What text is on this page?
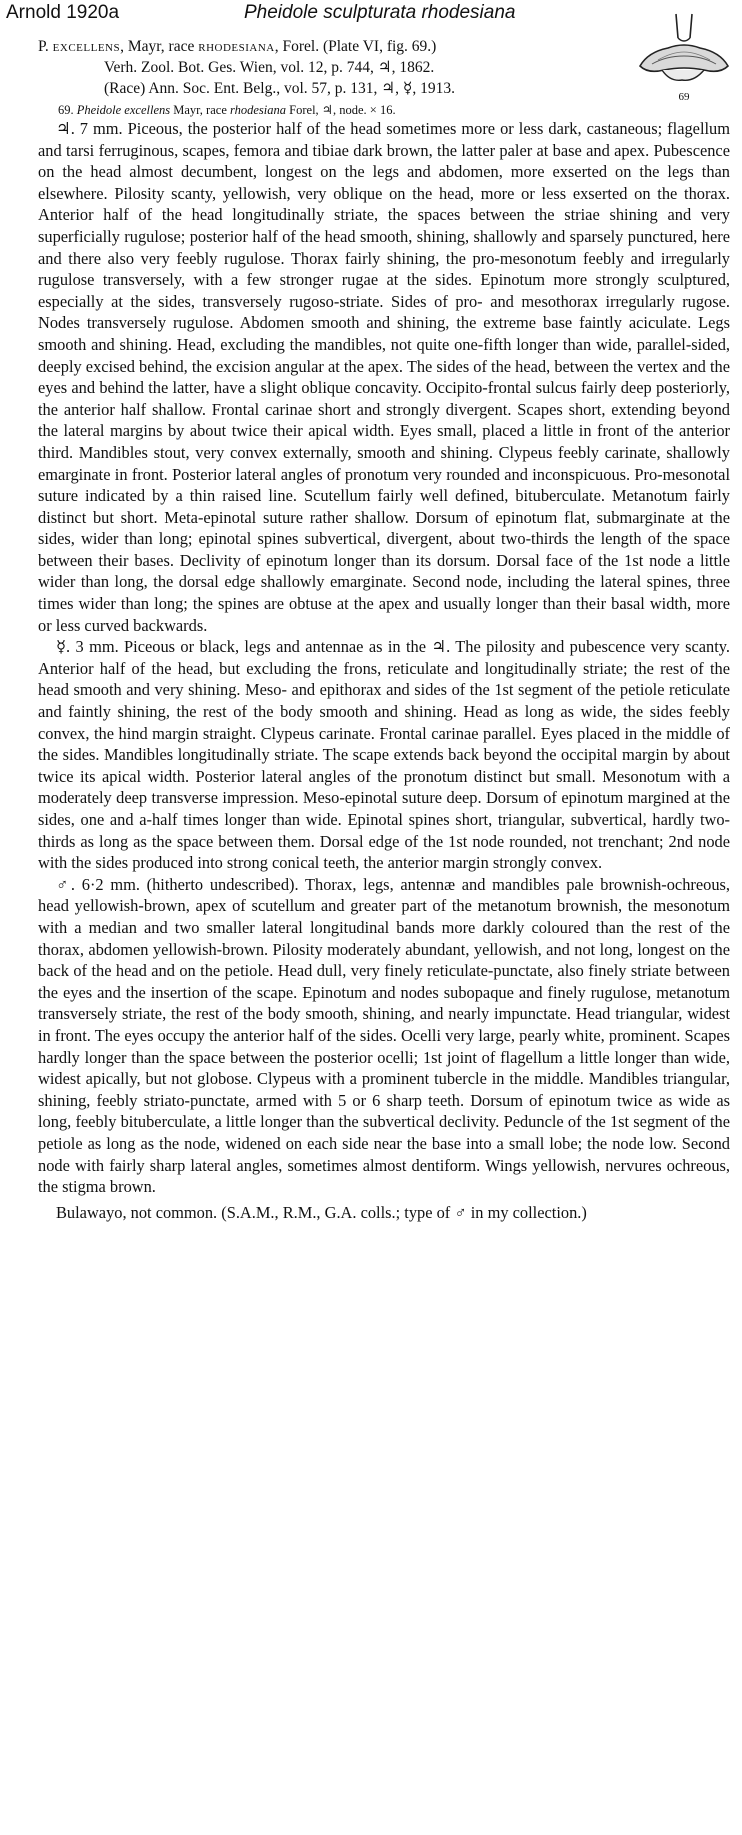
Arnold 1920a	Pheidole sculpturata rhodesiana
69
P. excellens, Mayr, race rhodesiana, Forel. (Plate VI, fig. 69.)
Verh. Zool. Bot. Ges. Wien, vol. 12, p. 744, ♃, 1862.
(Race) Ann. Soc. Ent. Belg., vol. 57, p. 131, ♃, ☿, 1913.
69. Pheidole excellens Mayr, race rhodesiana Forel, ♃, node. × 16.

♃. 7 mm. Piceous, the posterior half of the head sometimes more or less dark, castaneous; flagellum and tarsi ferruginous, scapes, femora and tibiae dark brown, the latter paler at base and apex. Pubescence on the head almost decumbent, longest on the legs and abdomen, more exserted on the legs than elsewhere. Pilosity scanty, yellowish, very oblique on the head, more or less exserted on the thorax. Anterior half of the head longitudinally striate, the spaces between the striae shining and very superficially rugulose; posterior half of the head smooth, shining, shallowly and sparsely punctured, here and there also very feebly rugulose. Thorax fairly shining, the pro-mesonotum feebly and irregularly rugulose transversely, with a few stronger rugae at the sides. Epinotum more strongly sculptured, especially at the sides, transversely rugoso-striate. Sides of pro- and mesothorax irregularly rugose. Nodes transversely rugulose. Abdomen smooth and shining, the extreme base faintly aciculate. Legs smooth and shining. Head, excluding the mandibles, not quite one-fifth longer than wide, parallel-sided, deeply excised behind, the excision angular at the apex. The sides of the head, between the vertex and the eyes and behind the latter, have a slight oblique concavity. Occipito-frontal sulcus fairly deep posteriorly, the anterior half shallow. Frontal carinae short and strongly divergent. Scapes short, extending beyond the lateral margins by about twice their apical width. Eyes small, placed a little in front of the anterior third. Mandibles stout, very convex externally, smooth and shining. Clypeus feebly carinate, shallowly emarginate in front. Posterior lateral angles of pronotum very rounded and inconspicuous. Pro-mesonotal suture indicated by a thin raised line. Scutellum fairly well defined, bituberculate. Metanotum fairly distinct but short. Meta-epinotal suture rather shallow. Dorsum of epinotum flat, submarginate at the sides, wider than long; epinotal spines subvertical, divergent, about two-thirds the length of the space between their bases. Declivity of epinotum longer than its dorsum. Dorsal face of the 1st node a little wider than long, the dorsal edge shallowly emarginate. Second node, including the lateral spines, three times wider than long; the spines are obtuse at the apex and usually longer than their basal width, more or less curved backwards.

☿. 3 mm. Piceous or black, legs and antennae as in the ♃. The pilosity and pubescence very scanty. Anterior half of the head, but excluding the frons, reticulate and longitudinally striate; the rest of the head smooth and very shining. Meso- and epithorax and sides of the 1st segment of the petiole reticulate and faintly shining, the rest of the body smooth and shining. Head as long as wide, the sides feebly convex, the hind margin straight. Clypeus carinate. Frontal carinae parallel. Eyes placed in the middle of the sides. Mandibles longitudinally striate. The scape extends back beyond the occipital margin by about twice its apical width. Posterior lateral angles of the pronotum distinct but small. Mesonotum with a moderately deep transverse impression. Meso-epinotal suture deep. Dorsum of epinotum margined at the sides, one and a-half times longer than wide. Epinotal spines short, triangular, subvertical, hardly two-thirds as long as the space between them. Dorsal edge of the 1st node rounded, not trenchant; 2nd node with the sides produced into strong conical teeth, the anterior margin strongly convex.

♂. 6·2 mm. (hitherto undescribed). Thorax, legs, antennæ and mandibles pale brownish-ochreous, head yellowish-brown, apex of scutellum and greater part of the metanotum brownish, the mesonotum with a median and two smaller lateral longitudinal bands more darkly coloured than the rest of the thorax, abdomen yellowish-brown. Pilosity moderately abundant, yellowish, and not long, longest on the back of the head and on the petiole. Head dull, very finely reticulate-punctate, also finely striate between the eyes and the insertion of the scape. Epinotum and nodes subopaque and finely rugulose, metanotum transversely striate, the rest of the body smooth, shining, and nearly impunctate. Head triangular, widest in front. The eyes occupy the anterior half of the sides. Ocelli very large, pearly white, prominent. Scapes hardly longer than the space between the posterior ocelli; 1st joint of flagellum a little longer than wide, widest apically, but not globose. Clypeus with a prominent tubercle in the middle. Mandibles triangular, shining, feebly striato-punctate, armed with 5 or 6 sharp teeth. Dorsum of epinotum twice as wide as long, feebly bituberculate, a little longer than the subvertical declivity. Peduncle of the 1st segment of the petiole as long as the node, widened on each side near the base into a small lobe; the node low. Second node with fairly sharp lateral angles, sometimes almost dentiform. Wings yellowish, nervures ochreous, the stigma brown.

Bulawayo, not common. (S.A.M., R.M., G.A. colls.; type of ♂ in my collection.)
